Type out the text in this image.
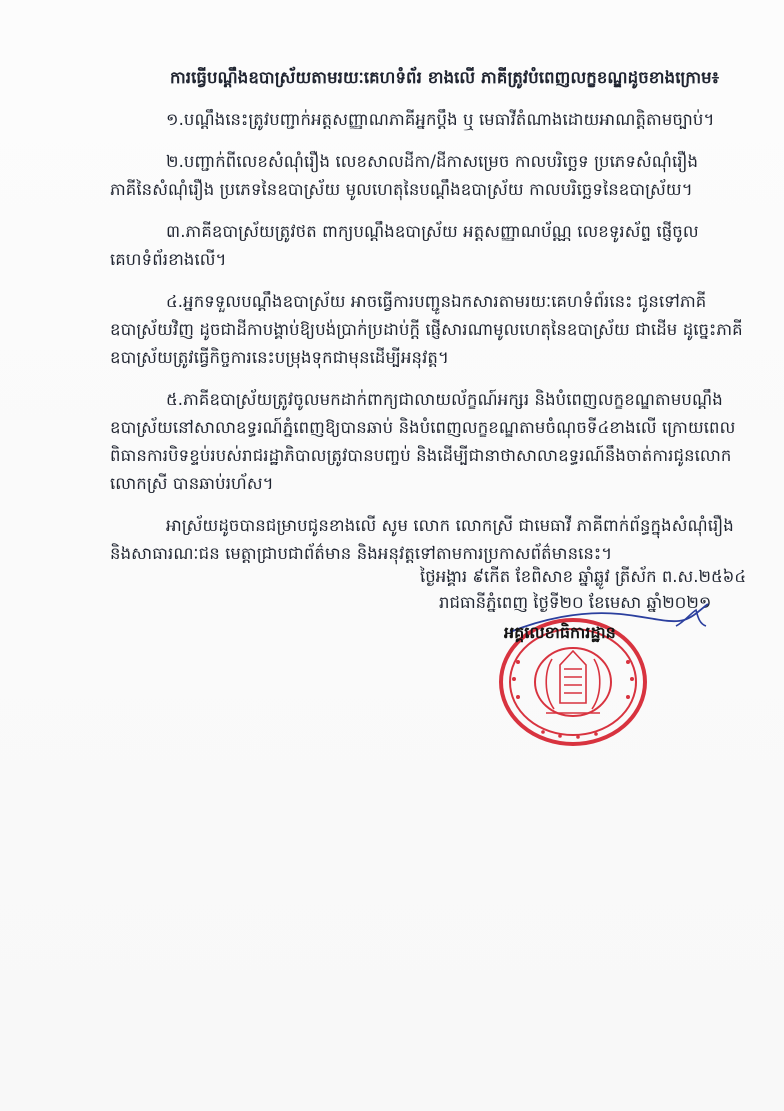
ការធ្វើបណ្តឹងឧបាស្រ័យតាមរយៈគេហទំព័រ ខាងលើ ភាគីត្រូវបំពេញលក្ខខណ្ឌដូចខាងក្រោម៖

១.បណ្តឹងនេះត្រូវបញ្ជាក់អត្តសញ្ញាណភាគីអ្នកប្តឹង ឬ មេធាវីតំណាងដោយអាណត្តិតាមច្បាប់។

២.បញ្ជាក់ពីលេខសំណុំរឿង លេខសាលដីកា/ដីកាសម្រេច កាលបរិច្ឆេទ ប្រភេទសំណុំរឿង
ភាគីនៃសំណុំរឿង ប្រភេទនៃឧបាស្រ័យ មូលហេតុនៃបណ្តឹងឧបាស្រ័យ កាលបរិច្ឆេទនៃឧបាស្រ័យ។

៣.ភាគីឧបាស្រ័យត្រូវថត ពាក្យបណ្តឹងឧបាស្រ័យ អត្តសញ្ញាណប័ណ្ណ លេខទូរស័ព្ទ ផ្ញើចូល
គេហទំព័រខាងលើ។

៤.អ្នកទទួលបណ្តឹងឧបាស្រ័យ អាចធ្វើការបញ្ជូនឯកសារតាមរយៈគេហទំព័រនេះ ជូនទៅភាគី
ឧបាស្រ័យវិញ ដូចជាដីកាបង្គាប់ឱ្យបង់ប្រាក់ប្រដាប់ក្តី ផ្ញើសារណាមូលហេតុនៃឧបាស្រ័យ ជាដើម ដូច្នេះភាគី
ឧបាស្រ័យត្រូវធ្វើកិច្ចការនេះបម្រុងទុកជាមុនដើម្បីអនុវត្ត។

៥.ភាគីឧបាស្រ័យត្រូវចូលមកដាក់ពាក្យជាលាយល័ក្ខណ៍អក្សរ និងបំពេញលក្ខខណ្ឌតាមបណ្តឹង
ឧបាស្រ័យនៅសាលាឧទ្ធរណ៍ភ្នំពេញឱ្យបានឆាប់ និងបំពេញលក្ខខណ្ឌតាមចំណុចទី៤ខាងលើ ក្រោយពេល
ពិធានការបិទខ្ទប់របស់រាជរដ្ឋាភិបាលត្រូវបានបញ្ចប់ និងដើម្បីជានាថាសាលាឧទ្ធរណ៍នឹងចាត់ការជូនលោក
លោកស្រី បានឆាប់រហ័ស។

អាស្រ័យដូចបានជម្រាបជូនខាងលើ សូម លោក លោកស្រី ជាមេធាវី ភាគីពាក់ព័ន្ធក្នុងសំណុំរឿង
និងសាធារណៈជន មេត្តាជ្រាបជាព័ត៌មាន និងអនុវត្តទៅតាមការប្រកាសព័ត៌មាននេះ។

ថ្ងៃអង្គារ ៩កើត ខែពិសាខ ឆ្នាំឆ្លូវ ត្រីស័ក ព.ស.២៥៦៤
រាជធានីភ្នំពេញ ថ្ងៃទី២០ ខែមេសា ឆ្នាំ២០២១
អគ្គលេខាធិការដ្ឋាន
